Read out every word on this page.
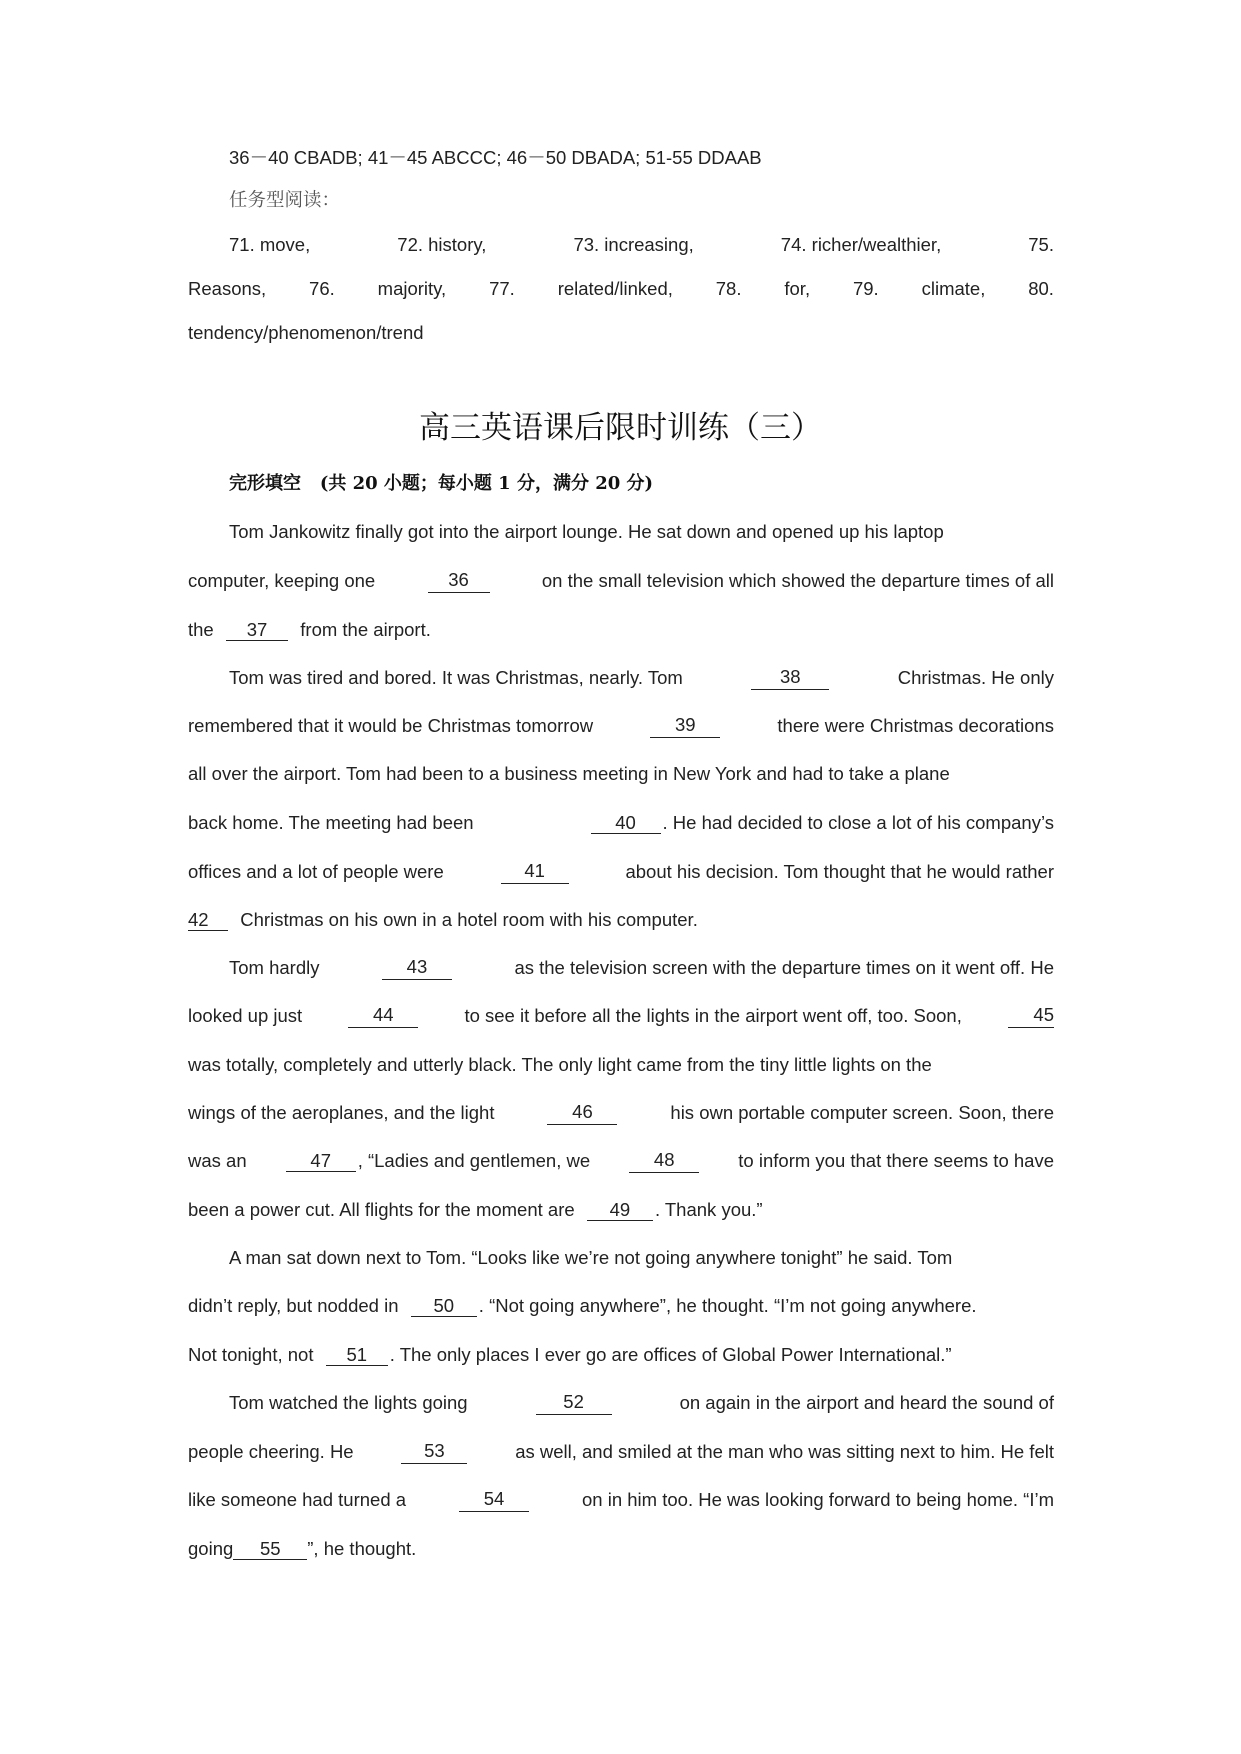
36－40 CBADB; 41－45 ABCCC; 46－50 DBADA; 51-55 DDAAB
任务型阅读：
71. move,	72. history,	73. increasing,	74. richer/wealthier,	75.
Reasons, 76. majority, 77. related/linked, 78. for, 79. climate, 80.
tendency/phenomenon/trend
高三英语课后限时训练（三）
完形填空 (共 20 小题；每小题 1 分，满分 20 分)
Tom Jankowitz finally got into the airport lounge. He sat down and opened up his laptop
computer, keeping one	36	on the small television which showed the departure times of all
the 37 from the airport.
Tom was tired and bored. It was Christmas, nearly. Tom	38	Christmas. He only
remembered that it would be Christmas tomorrow	39	there were Christmas decorations
all over the airport. Tom had been to a business meeting in New York and had to take a plane
back home. The meeting had been	40 . He had decided to close a lot of his company’s
offices and a lot of people were	41	about his decision. Tom thought that he would rather
42 Christmas on his own in a hotel room with his computer.
Tom hardly	43	as the television screen with the departure times on it went off. He
looked up just	44	to see it before all the lights in the airport went off, too. Soon,	45
was totally, completely and utterly black. The only light came from the tiny little lights on the
wings of the aeroplanes, and the light	46	his own portable computer screen. Soon, there
was an	47 , “Ladies and gentlemen, we	48	to inform you that there seems to have
been a power cut. All flights for the moment are 49 . Thank you.”
A man sat down next to Tom. “Looks like we’re not going anywhere tonight” he said. Tom
didn’t reply, but nodded in 50 . “Not going anywhere”, he thought. “I’m not going anywhere.
Not tonight, not 51 . The only places I ever go are offices of Global Power International.”
Tom watched the lights going	52	on again in the airport and heard the sound of
people cheering. He	53	as well, and smiled at the man who was sitting next to him. He felt
like someone had turned a	54	on in him too. He was looking forward to being home. “I’m
going 55 ”, he thought.
